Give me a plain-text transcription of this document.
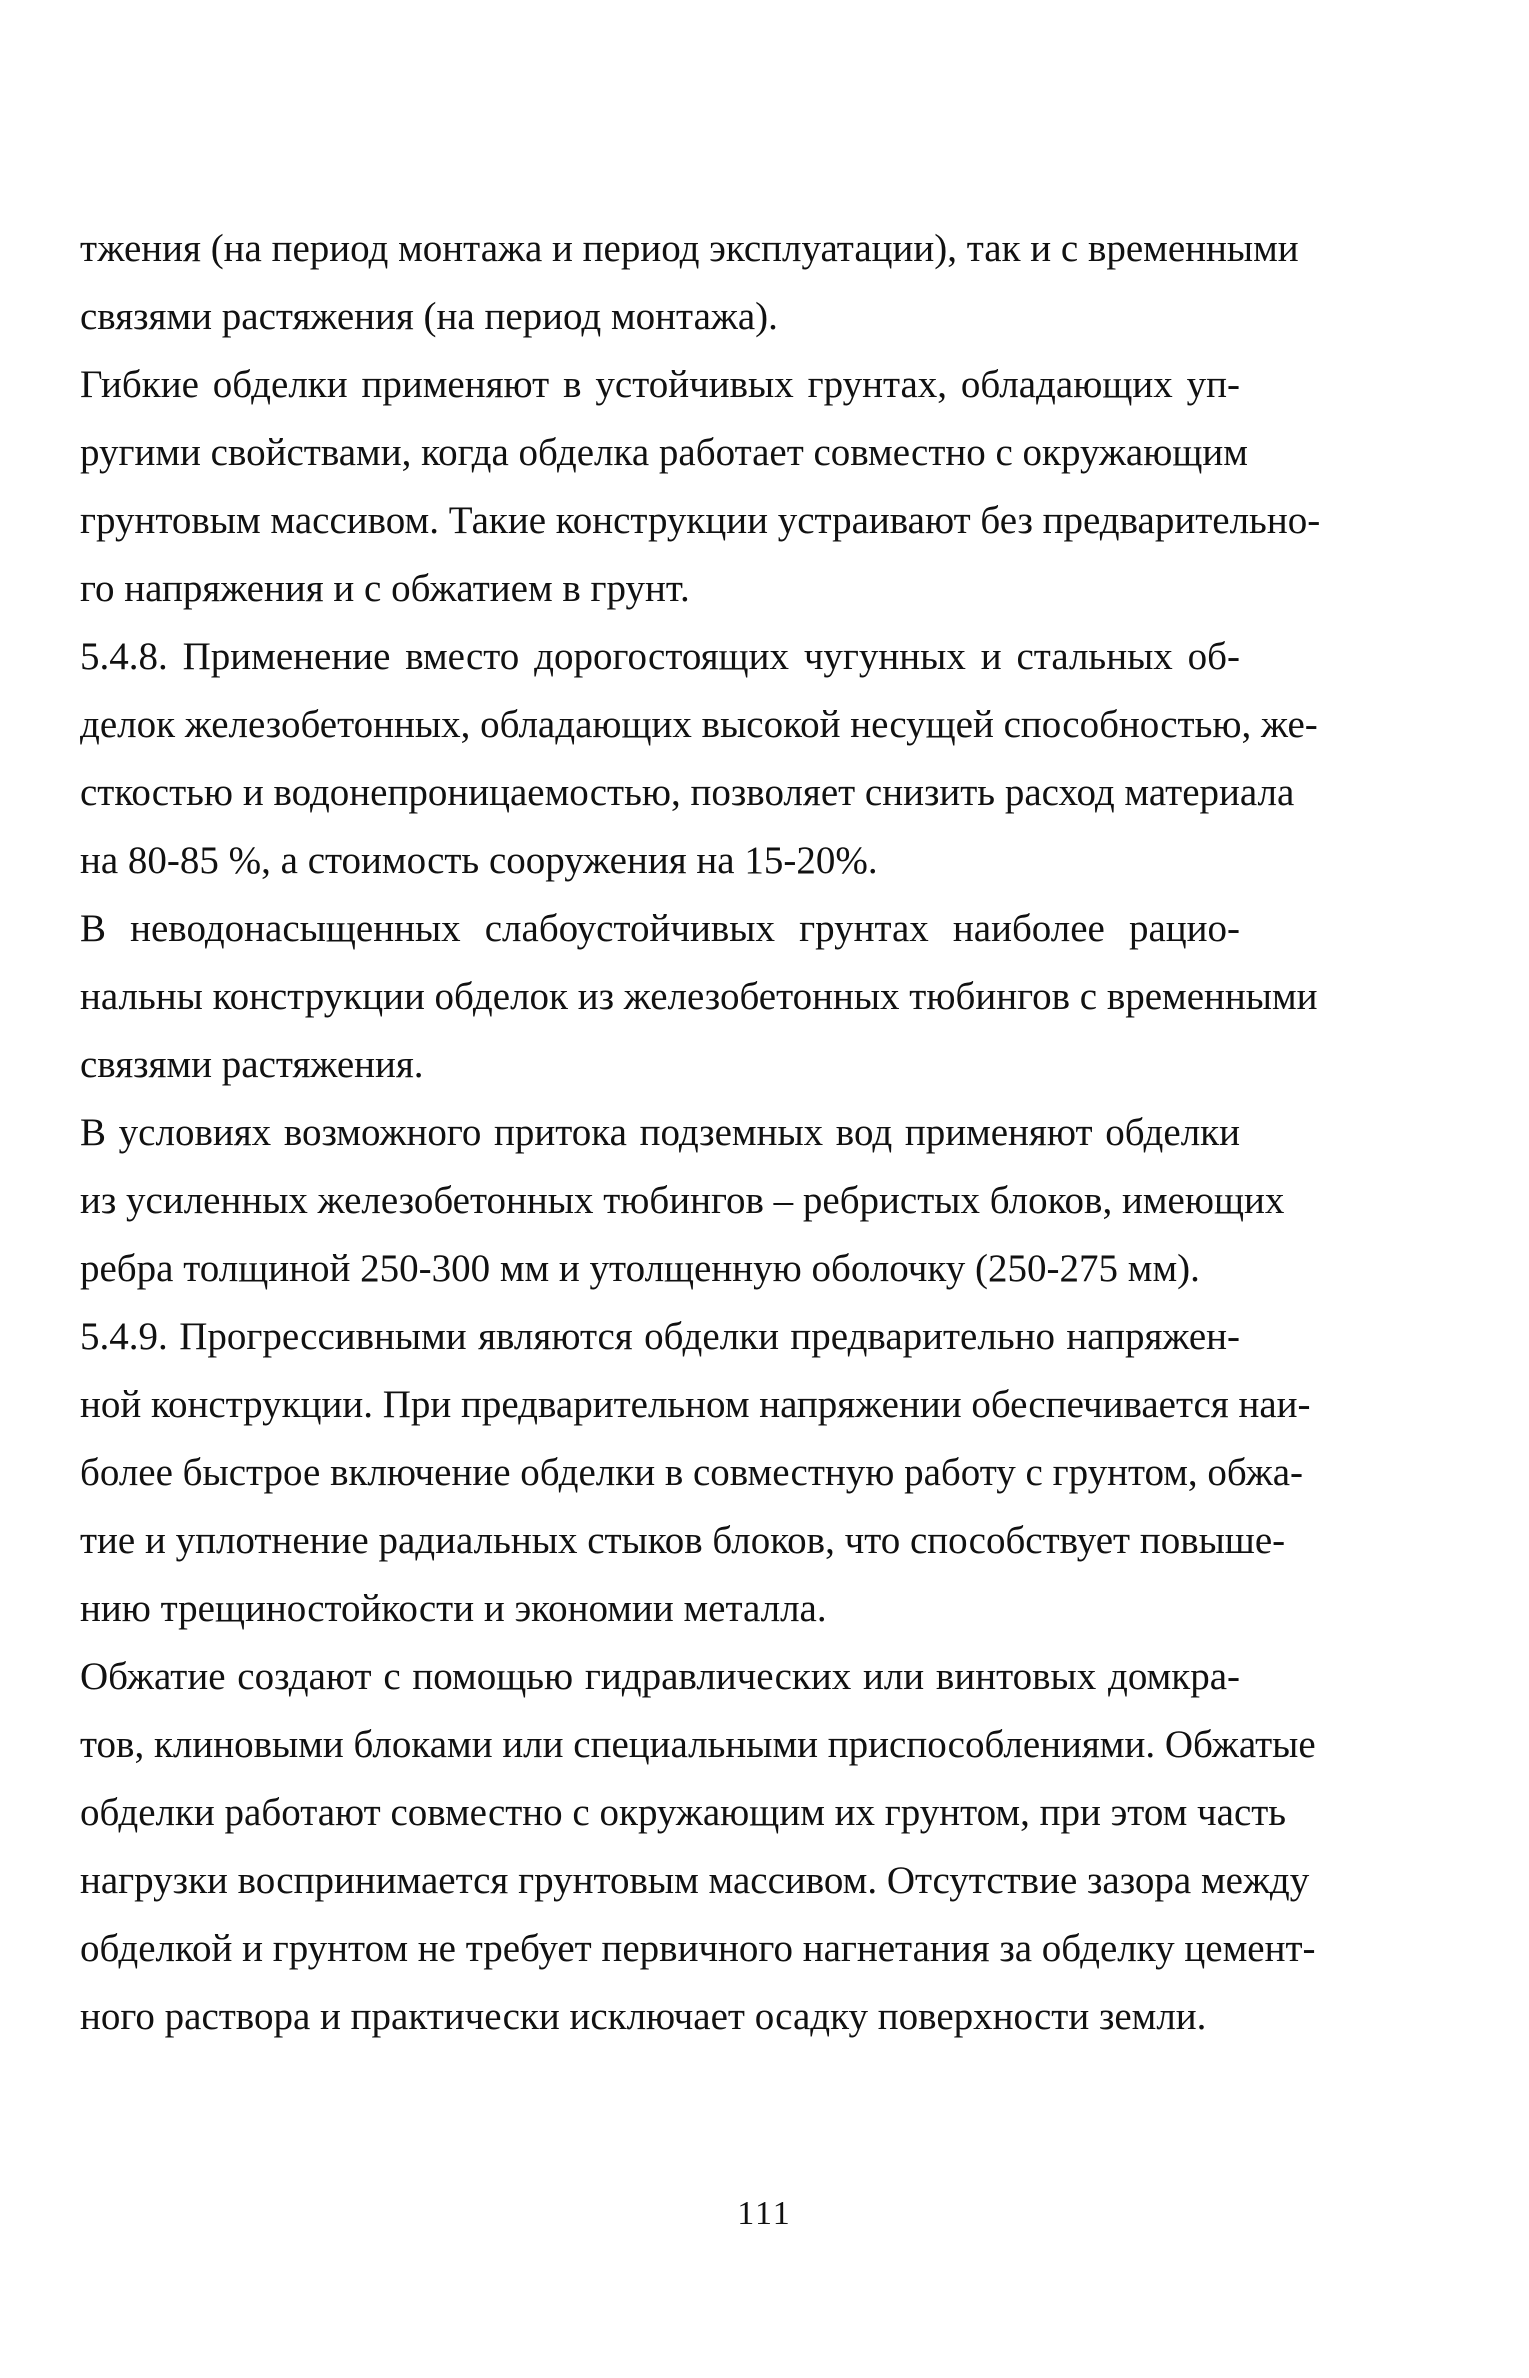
тжения (на период монтажа и период эксплуатации), так и с временными
связями растяжения (на период монтажа).
Гибкие обделки применяют в устойчивых грунтах, обладающих уп-
ругими свойствами, когда обделка работает совместно с окружающим
грунтовым массивом. Такие конструкции устраивают без предварительно-
го напряжения и с обжатием в грунт.
5.4.8. Применение вместо дорогостоящих чугунных и стальных об-
делок железобетонных, обладающих высокой несущей способностью, же-
сткостью и водонепроницаемостью, позволяет снизить расход материала
на 80-85 %, а стоимость сооружения на 15-20%.
В неводонасыщенных слабоустойчивых грунтах наиболее рацио-
нальны конструкции обделок из железобетонных тюбингов с временными
связями растяжения.
В условиях возможного притока подземных вод применяют обделки
из усиленных железобетонных тюбингов – ребристых блоков, имеющих
ребра толщиной 250-300 мм и утолщенную оболочку (250-275 мм).
5.4.9. Прогрессивными являются обделки предварительно напряжен-
ной конструкции. При предварительном напряжении обеспечивается наи-
более быстрое включение обделки в совместную работу с грунтом, обжа-
тие и уплотнение радиальных стыков блоков, что способствует повыше-
нию трещиностойкости и экономии металла.
Обжатие создают с помощью гидравлических или винтовых домкра-
тов, клиновыми блоками или специальными приспособлениями. Обжатые
обделки работают совместно с окружающим их грунтом, при этом часть
нагрузки воспринимается грунтовым массивом. Отсутствие зазора между
обделкой и грунтом не требует первичного нагнетания за обделку цемент-
ного раствора и практически исключает осадку поверхности земли.
111
